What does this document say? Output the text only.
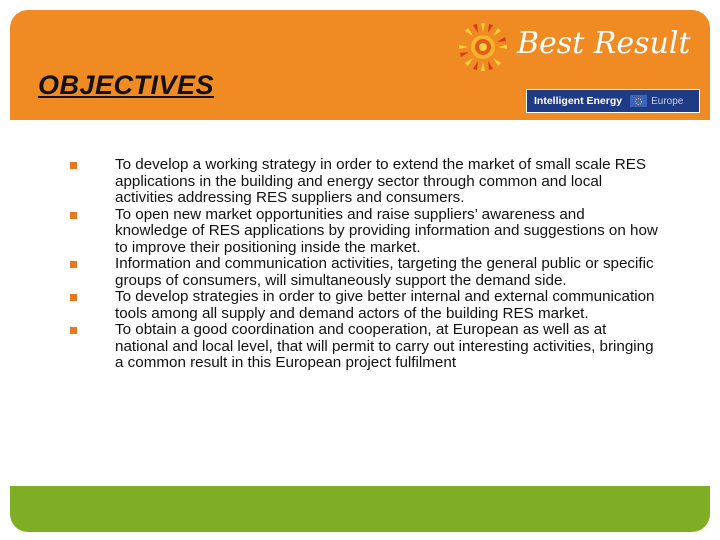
Best Result
OBJECTIVES
Intelligent Energy	Europe
To develop a working strategy in order to extend the market of small scale RES applications in the building and energy sector through common and local activities addressing RES suppliers and consumers.
To open new market opportunities and raise suppliers’ awareness and knowledge of RES applications by providing information and suggestions on how to improve their positioning inside the market.
Information and communication activities, targeting the general public or specific groups of consumers, will simultaneously support the demand side.
To develop strategies in order to give better internal and external communication tools among all supply and demand actors of the building RES market.
To obtain a good coordination and cooperation, at European as well as at national and local level, that will permit to carry out interesting activities, bringing a common result in this European project fulfilment
